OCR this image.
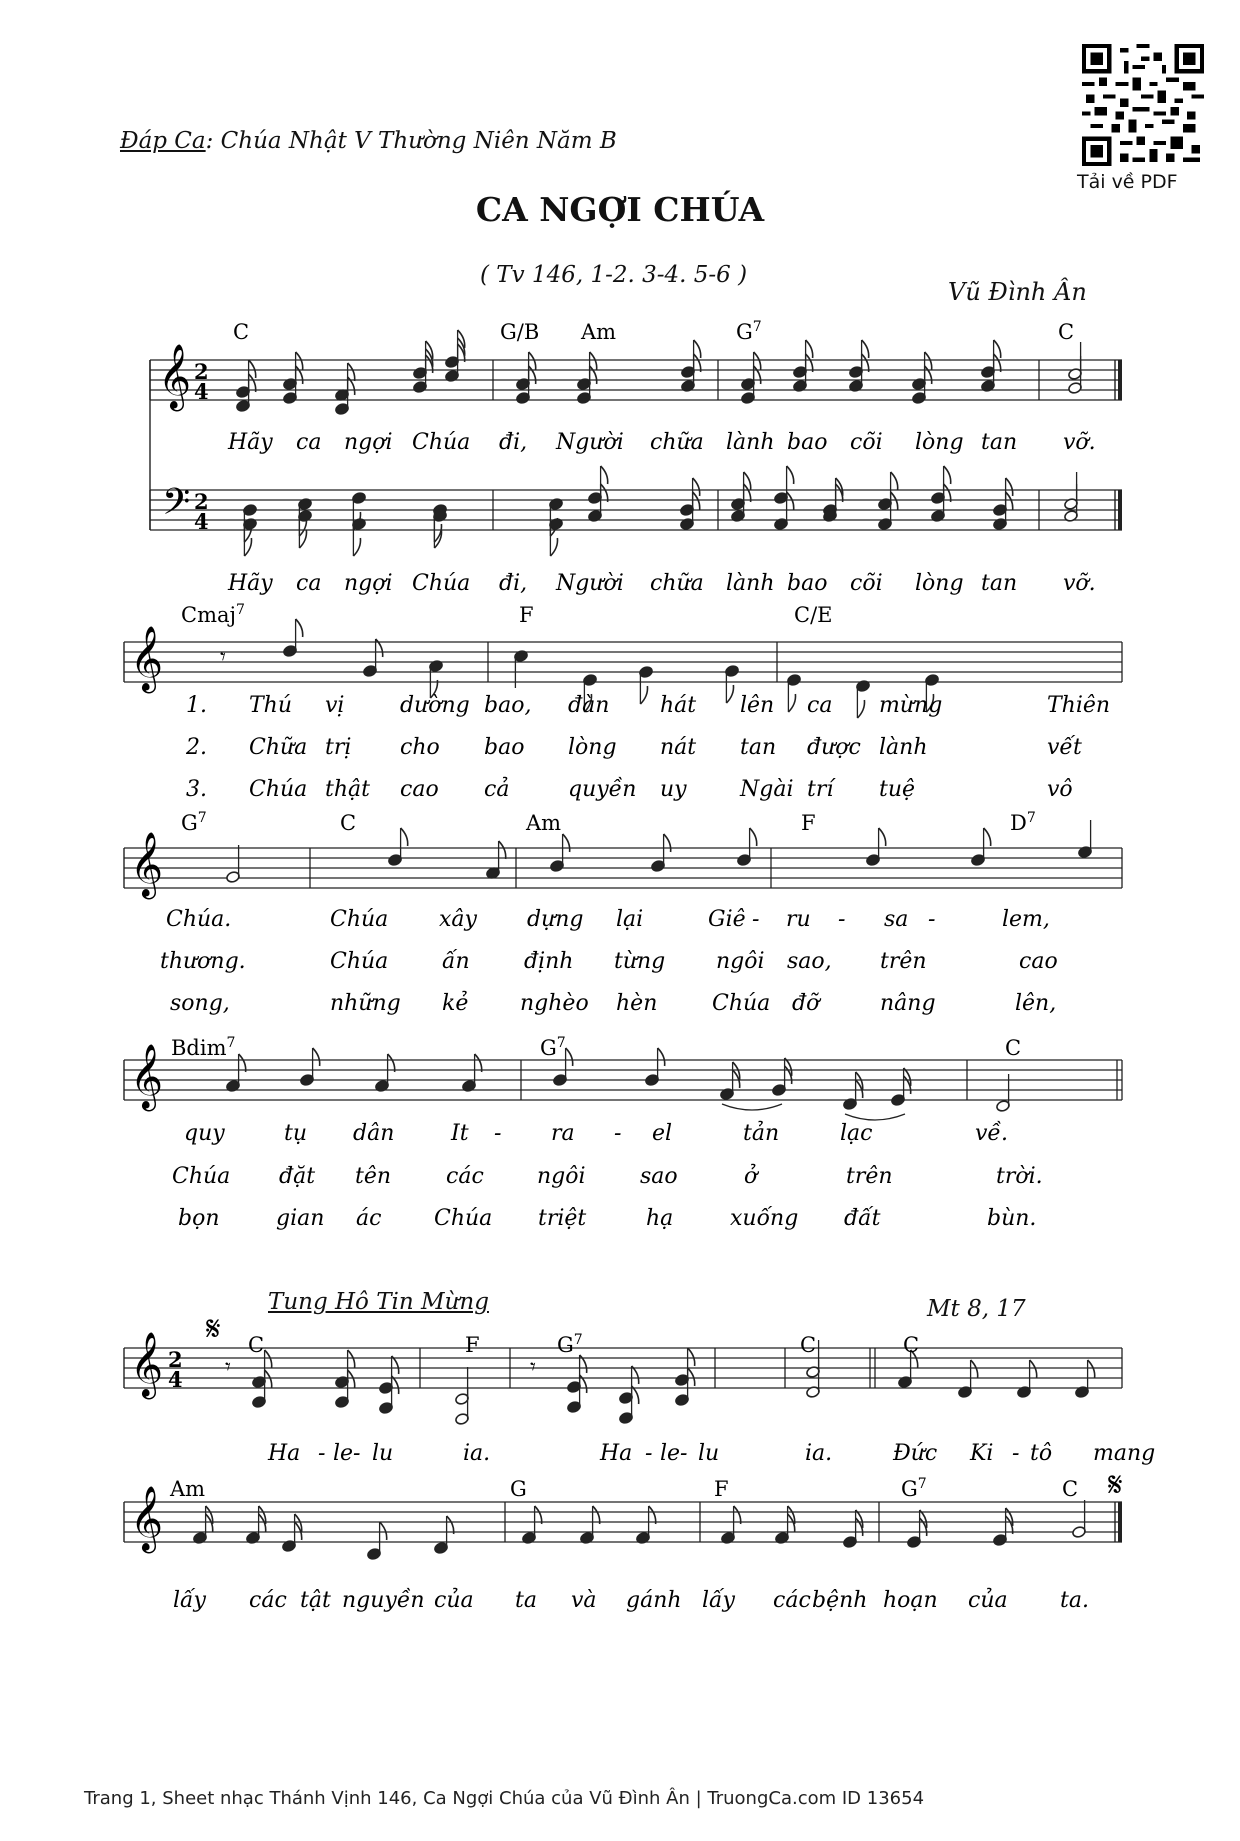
Đáp Ca: Chúa Nhật V Thường Niên Năm B
Tải về PDF
CA NGỢI CHÚA
( Tv 146, 1-2. 3-4. 5-6 )
Vũ Đình Ân
Tung Hô Tin Mừng	Mt 8, 17
𝄞 2
4
𝄢 2
4
C	G/B Am	$G^7$	C
Hãy ca ngợi Chúa đi, Người chữa lành bao cõi lòng tan vỡ.
Hãy ca ngợi Chúa đi, Người chữa lành bao cõi lòng tan vỡ.
𝄞	𝄾
Cmaj$^7$	F	C/E
1. Thú vị	dường bao, đàn hát lên ca mừng	Thiên
2. Chữa trị cho bao lòng nát tan được lành	vết
3. Chúa thật cao cả	quyền uy Ngài trí tuệ	vô
𝄞
$G^7$	C	Am	F	$D^7$
Chúa.	Chúa xây dựng lại	Giê - ru - sa -	lem,
thương.	Chúa ấn định từng ngôi sao, trên	cao
song,	những kẻ nghèo hèn Chúa đỡ	nâng	lên,
𝄞 Bdim$^7$	$G^7$	C
quy	tụ dân	It - ra - el	tản	lạc	về.
Chúa đặt tên các ngôi sao	ở	trên	trời.
bọn	gian ác Chúa triệt	hạ	xuống đất	bùn.
𝄞 2
4
𝄋
𝄾	𝄾
C	F	$G^7$	C	C
Ha - le - lu	ia.	Ha - le - lu	ia.	Đức Ki - tô mang
𝄞
𝄋
Am	G	F	$G^7$	C
lấy các tật nguyền của ta và gánh lấy các bệnh hoạn của ta.
Trang 1, Sheet nhạc Thánh Vịnh 146, Ca Ngợi Chúa của Vũ Đình Ân | TruongCa.com ID 13654
